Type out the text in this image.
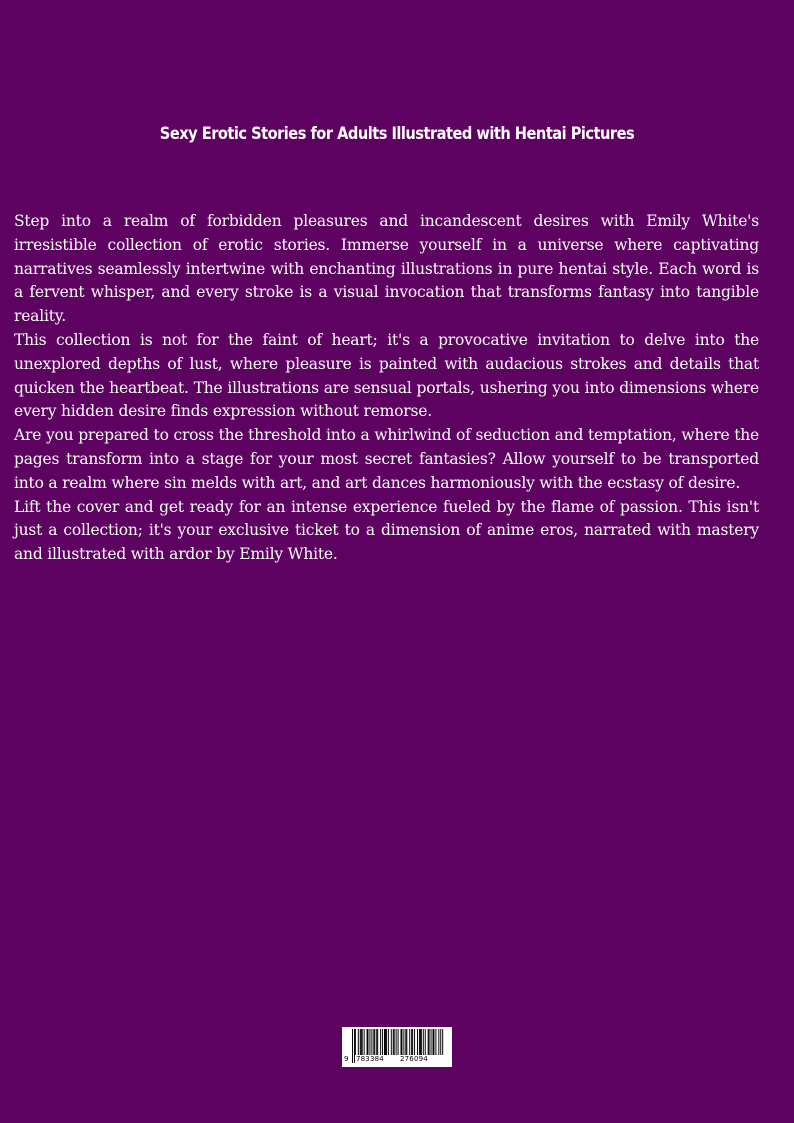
Sexy Erotic Stories for Adults Illustrated with Hentai Pictures

Step into a realm of forbidden pleasures and incandescent desires with Emily White's irresistible collection of erotic stories. Immerse yourself in a universe where captivating narratives seamlessly intertwine with enchanting illustrations in pure hentai style. Each word is a fervent whisper, and every stroke is a visual invocation that transforms fantasy into tangible reality.

This collection is not for the faint of heart; it's a provocative invitation to delve into the unexplored depths of lust, where pleasure is painted with audacious strokes and details that quicken the heartbeat. The illustrations are sensual portals, ushering you into dimensions where every hidden desire finds expression without remorse.

Are you prepared to cross the threshold into a whirlwind of seduction and temptation, where the pages transform into a stage for your most secret fantasies? Allow yourself to be transported into a realm where sin melds with art, and art dances harmoniously with the ecstasy of desire.

Lift the cover and get ready for an intense experience fueled by the flame of passion. This isn't just a collection; it's your exclusive ticket to a dimension of anime eros, narrated with mastery and illustrated with ardor by Emily White.

9 783384 276094
